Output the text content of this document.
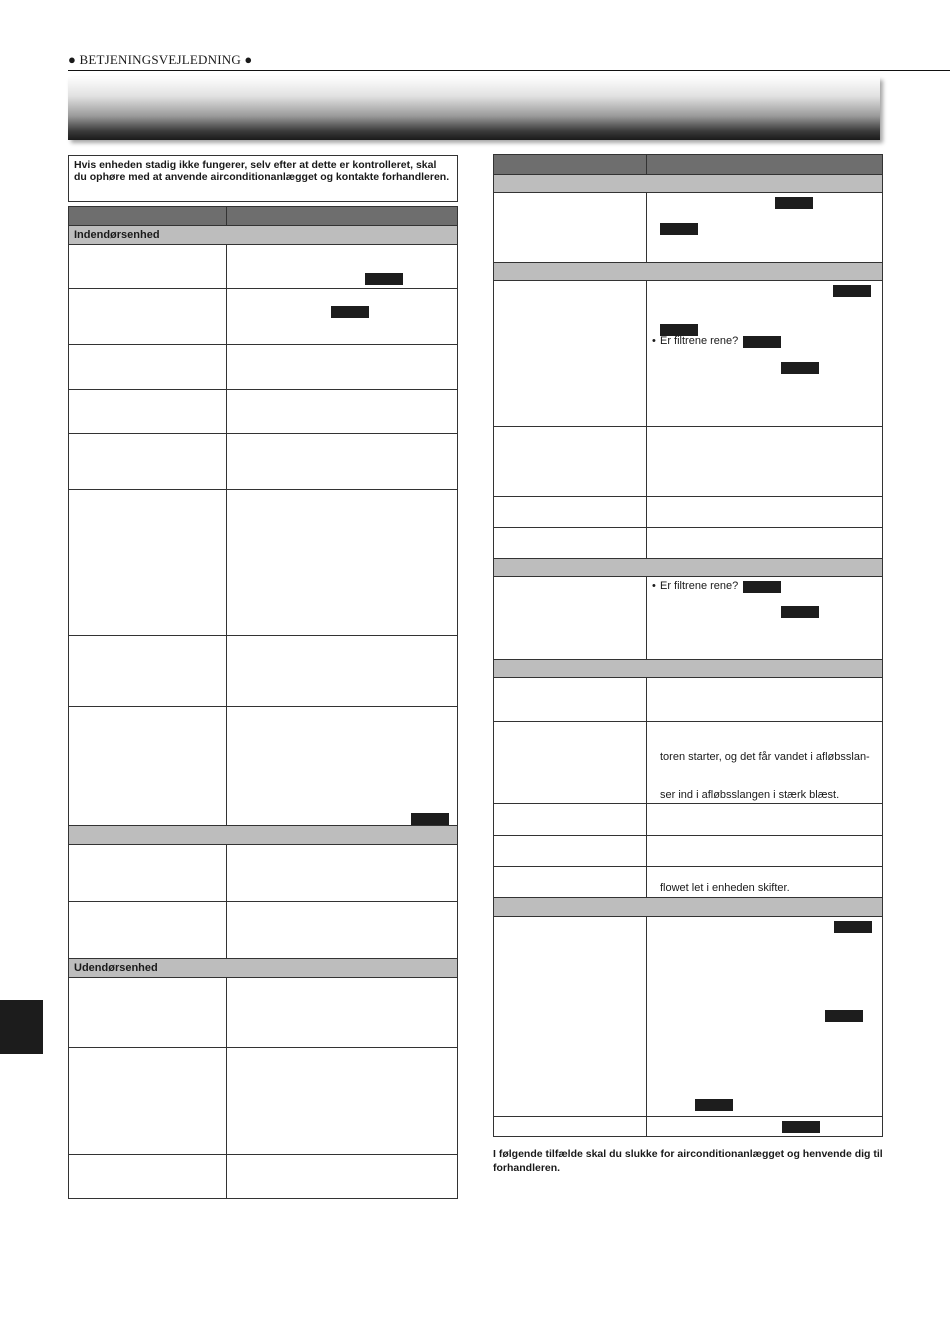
● BETJENINGSVEJLEDNING ●
Hvis enheden stadig ikke fungerer, selv efter at dette er kontrolleret, skal du ophøre med at anvende airconditionanlægget og kontakte forhandleren.
Indendørsenhed
Udendørsenhed
• Er filtrene rene?
• Er filtrene rene?
toren starter, og det får vandet i afløbsslan-
ser ind i afløbsslangen i stærk blæst.
flowet let i enheden skifter.
I følgende tilfælde skal du slukke for airconditionanlægget og henvende dig til forhandleren.
